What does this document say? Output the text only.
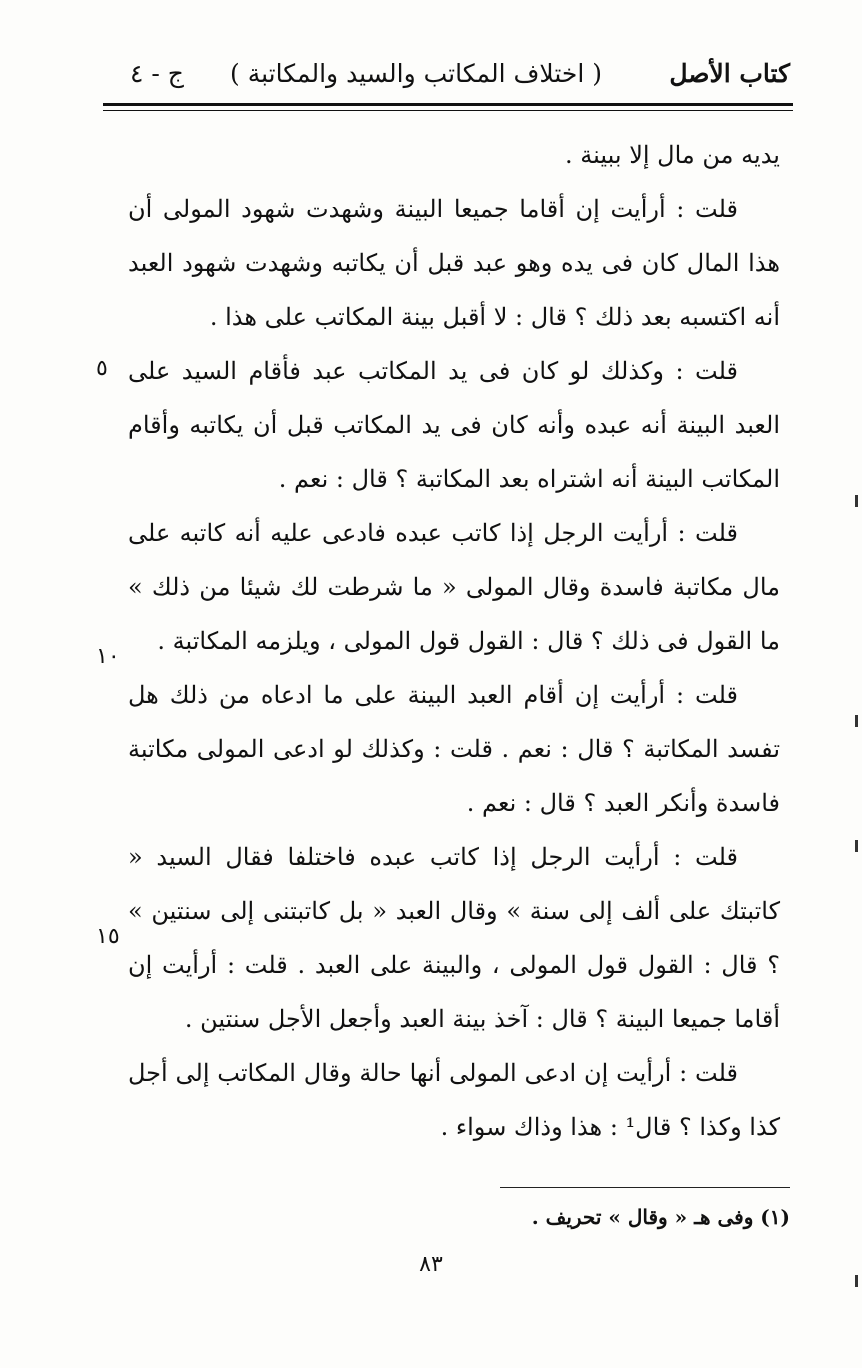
كتاب الأصل
( اختلاف المكاتب والسيد والمكاتبة )
ج - ٤

يديه من مال إلا ببينة .

قلت : أرأيت إن أقاما جميعا البينة وشهدت شهود المولى أن هذا المال كان فى يده وهو عبد قبل أن يكاتبه وشهدت شهود العبد أنه اكتسبه بعد ذلك ؟ قال : لا أقبل بينة المكاتب على هذا .

قلت : وكذلك لو كان فى يد المكاتب عبد فأقام السيد على العبد البينة أنه عبده وأنه كان فى يد المكاتب قبل أن يكاتبه وأقام المكاتب البينة أنه اشتراه بعد المكاتبة ؟ قال : نعم .

قلت : أرأيت الرجل إذا كاتب عبده فادعى عليه أنه كاتبه على مال مكاتبة فاسدة وقال المولى « ما شرطت لك شيئا من ذلك » ما القول فى ذلك ؟ قال : القول قول المولى ، ويلزمه المكاتبة .

قلت : أرأيت إن أقام العبد البينة على ما ادعاه من ذلك هل تفسد المكاتبة ؟ قال : نعم . قلت : وكذلك لو ادعى المولى مكاتبة فاسدة وأنكر العبد ؟ قال : نعم .

قلت : أرأيت الرجل إذا كاتب عبده فاختلفا فقال السيد « كاتبتك على ألف إلى سنة » وقال العبد « بل كاتبتنى إلى سنتين » ؟ قال : القول قول المولى ، والبينة على العبد . قلت : أرأيت إن أقاما جميعا البينة ؟ قال : آخذ بينة العبد وأجعل الأجل سنتين .

قلت : أرأيت إن ادعى المولى أنها حالة وقال المكاتب إلى أجل كذا وكذا ؟ قال¹ : هذا وذاك سواء .

٥
١٠
١٥
(١) وفى هـ « وقال » تحريف .
٨٣
